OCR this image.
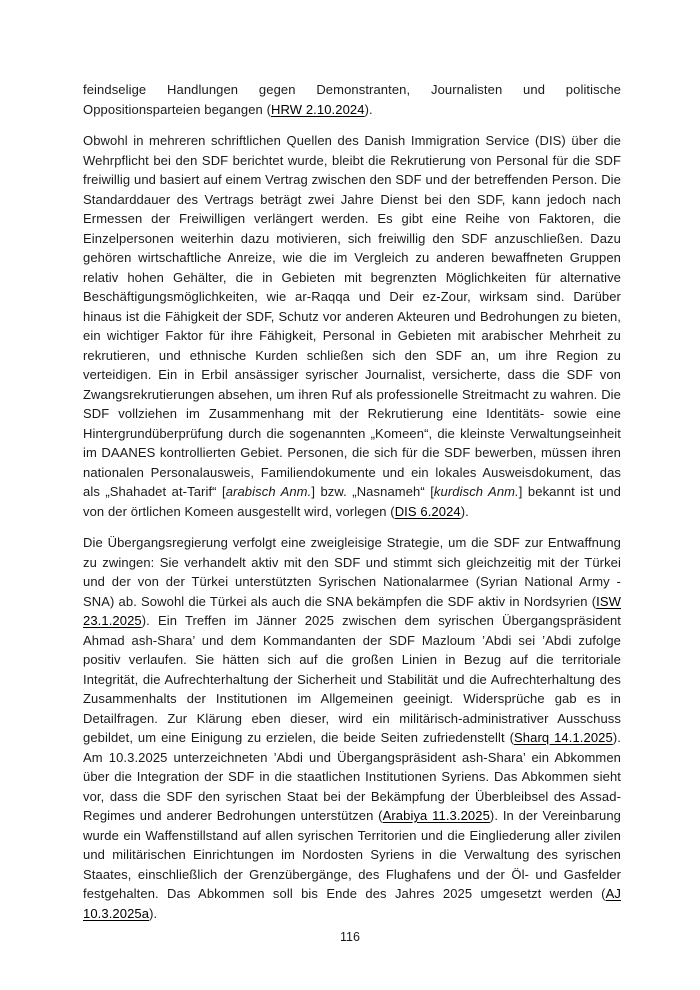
feindselige Handlungen gegen Demonstranten, Journalisten und politische Oppositionsparteien begangen (HRW 2.10.2024).

Obwohl in mehreren schriftlichen Quellen des Danish Immigration Service (DIS) über die Wehrpflicht bei den SDF berichtet wurde, bleibt die Rekrutierung von Personal für die SDF freiwillig und basiert auf einem Vertrag zwischen den SDF und der betreffenden Person. Die Standarddauer des Vertrags beträgt zwei Jahre Dienst bei den SDF, kann jedoch nach Ermessen der Freiwilligen verlängert werden. Es gibt eine Reihe von Faktoren, die Einzelpersonen weiterhin dazu motivieren, sich freiwillig den SDF anzuschließen. Dazu gehören wirtschaftliche Anreize, wie die im Vergleich zu anderen bewaffneten Gruppen relativ hohen Gehälter, die in Gebieten mit begrenzten Möglichkeiten für alternative Beschäftigungsmöglichkeiten, wie ar-Raqqa und Deir ez-Zour, wirksam sind. Darüber hinaus ist die Fähigkeit der SDF, Schutz vor anderen Akteuren und Bedrohungen zu bieten, ein wichtiger Faktor für ihre Fähigkeit, Personal in Gebieten mit arabischer Mehrheit zu rekrutieren, und ethnische Kurden schließen sich den SDF an, um ihre Region zu verteidigen. Ein in Erbil ansässiger syrischer Journalist, versicherte, dass die SDF von Zwangsrekrutierungen absehen, um ihren Ruf als professionelle Streitmacht zu wahren. Die SDF vollziehen im Zusammenhang mit der Rekrutierung eine Identitäts- sowie eine Hintergrundüberprüfung durch die sogenannten „Komeen“, die kleinste Verwaltungseinheit im DAANES kontrollierten Gebiet. Personen, die sich für die SDF bewerben, müssen ihren nationalen Personalausweis, Familiendokumente und ein lokales Ausweisdokument, das als „Shahadet at-Tarif“ [arabisch Anm.] bzw. „Nasnameh“ [kurdisch Anm.] bekannt ist und von der örtlichen Komeen ausgestellt wird, vorlegen (DIS 6.2024).

Die Übergangsregierung verfolgt eine zweigleisige Strategie, um die SDF zur Entwaffnung zu zwingen: Sie verhandelt aktiv mit den SDF und stimmt sich gleichzeitig mit der Türkei und der von der Türkei unterstützten Syrischen Nationalarmee (Syrian National Army - SNA) ab. Sowohl die Türkei als auch die SNA bekämpfen die SDF aktiv in Nordsyrien (ISW 23.1.2025). Ein Treffen im Jänner 2025 zwischen dem syrischen Übergangspräsident Ahmad ash-Shara’ und dem Kommandanten der SDF Mazloum ’Abdi sei ’Abdi zufolge positiv verlaufen. Sie hätten sich auf die großen Linien in Bezug auf die territoriale Integrität, die Aufrechterhaltung der Sicherheit und Stabilität und die Aufrechterhaltung des Zusammenhalts der Institutionen im Allgemeinen geeinigt. Widersprüche gab es in Detailfragen. Zur Klärung eben dieser, wird ein militärisch-administrativer Ausschuss gebildet, um eine Einigung zu erzielen, die beide Seiten zufriedenstellt (Sharq 14.1.2025). Am 10.3.2025 unterzeichneten ’Abdi und Übergangspräsident ash-Shara’ ein Abkommen über die Integration der SDF in die staatlichen Institutionen Syriens. Das Abkommen sieht vor, dass die SDF den syrischen Staat bei der Bekämpfung der Überbleibsel des Assad-Regimes und anderer Bedrohungen unterstützen (Arabiya 11.3.2025). In der Vereinbarung wurde ein Waffenstillstand auf allen syrischen Territorien und die Eingliederung aller zivilen und militärischen Einrichtungen im Nordosten Syriens in die Verwaltung des syrischen Staates, einschließlich der Grenzübergänge, des Flughafens und der Öl- und Gasfelder festgehalten. Das Abkommen soll bis Ende des Jahres 2025 umgesetzt werden (AJ 10.3.2025a).

116
